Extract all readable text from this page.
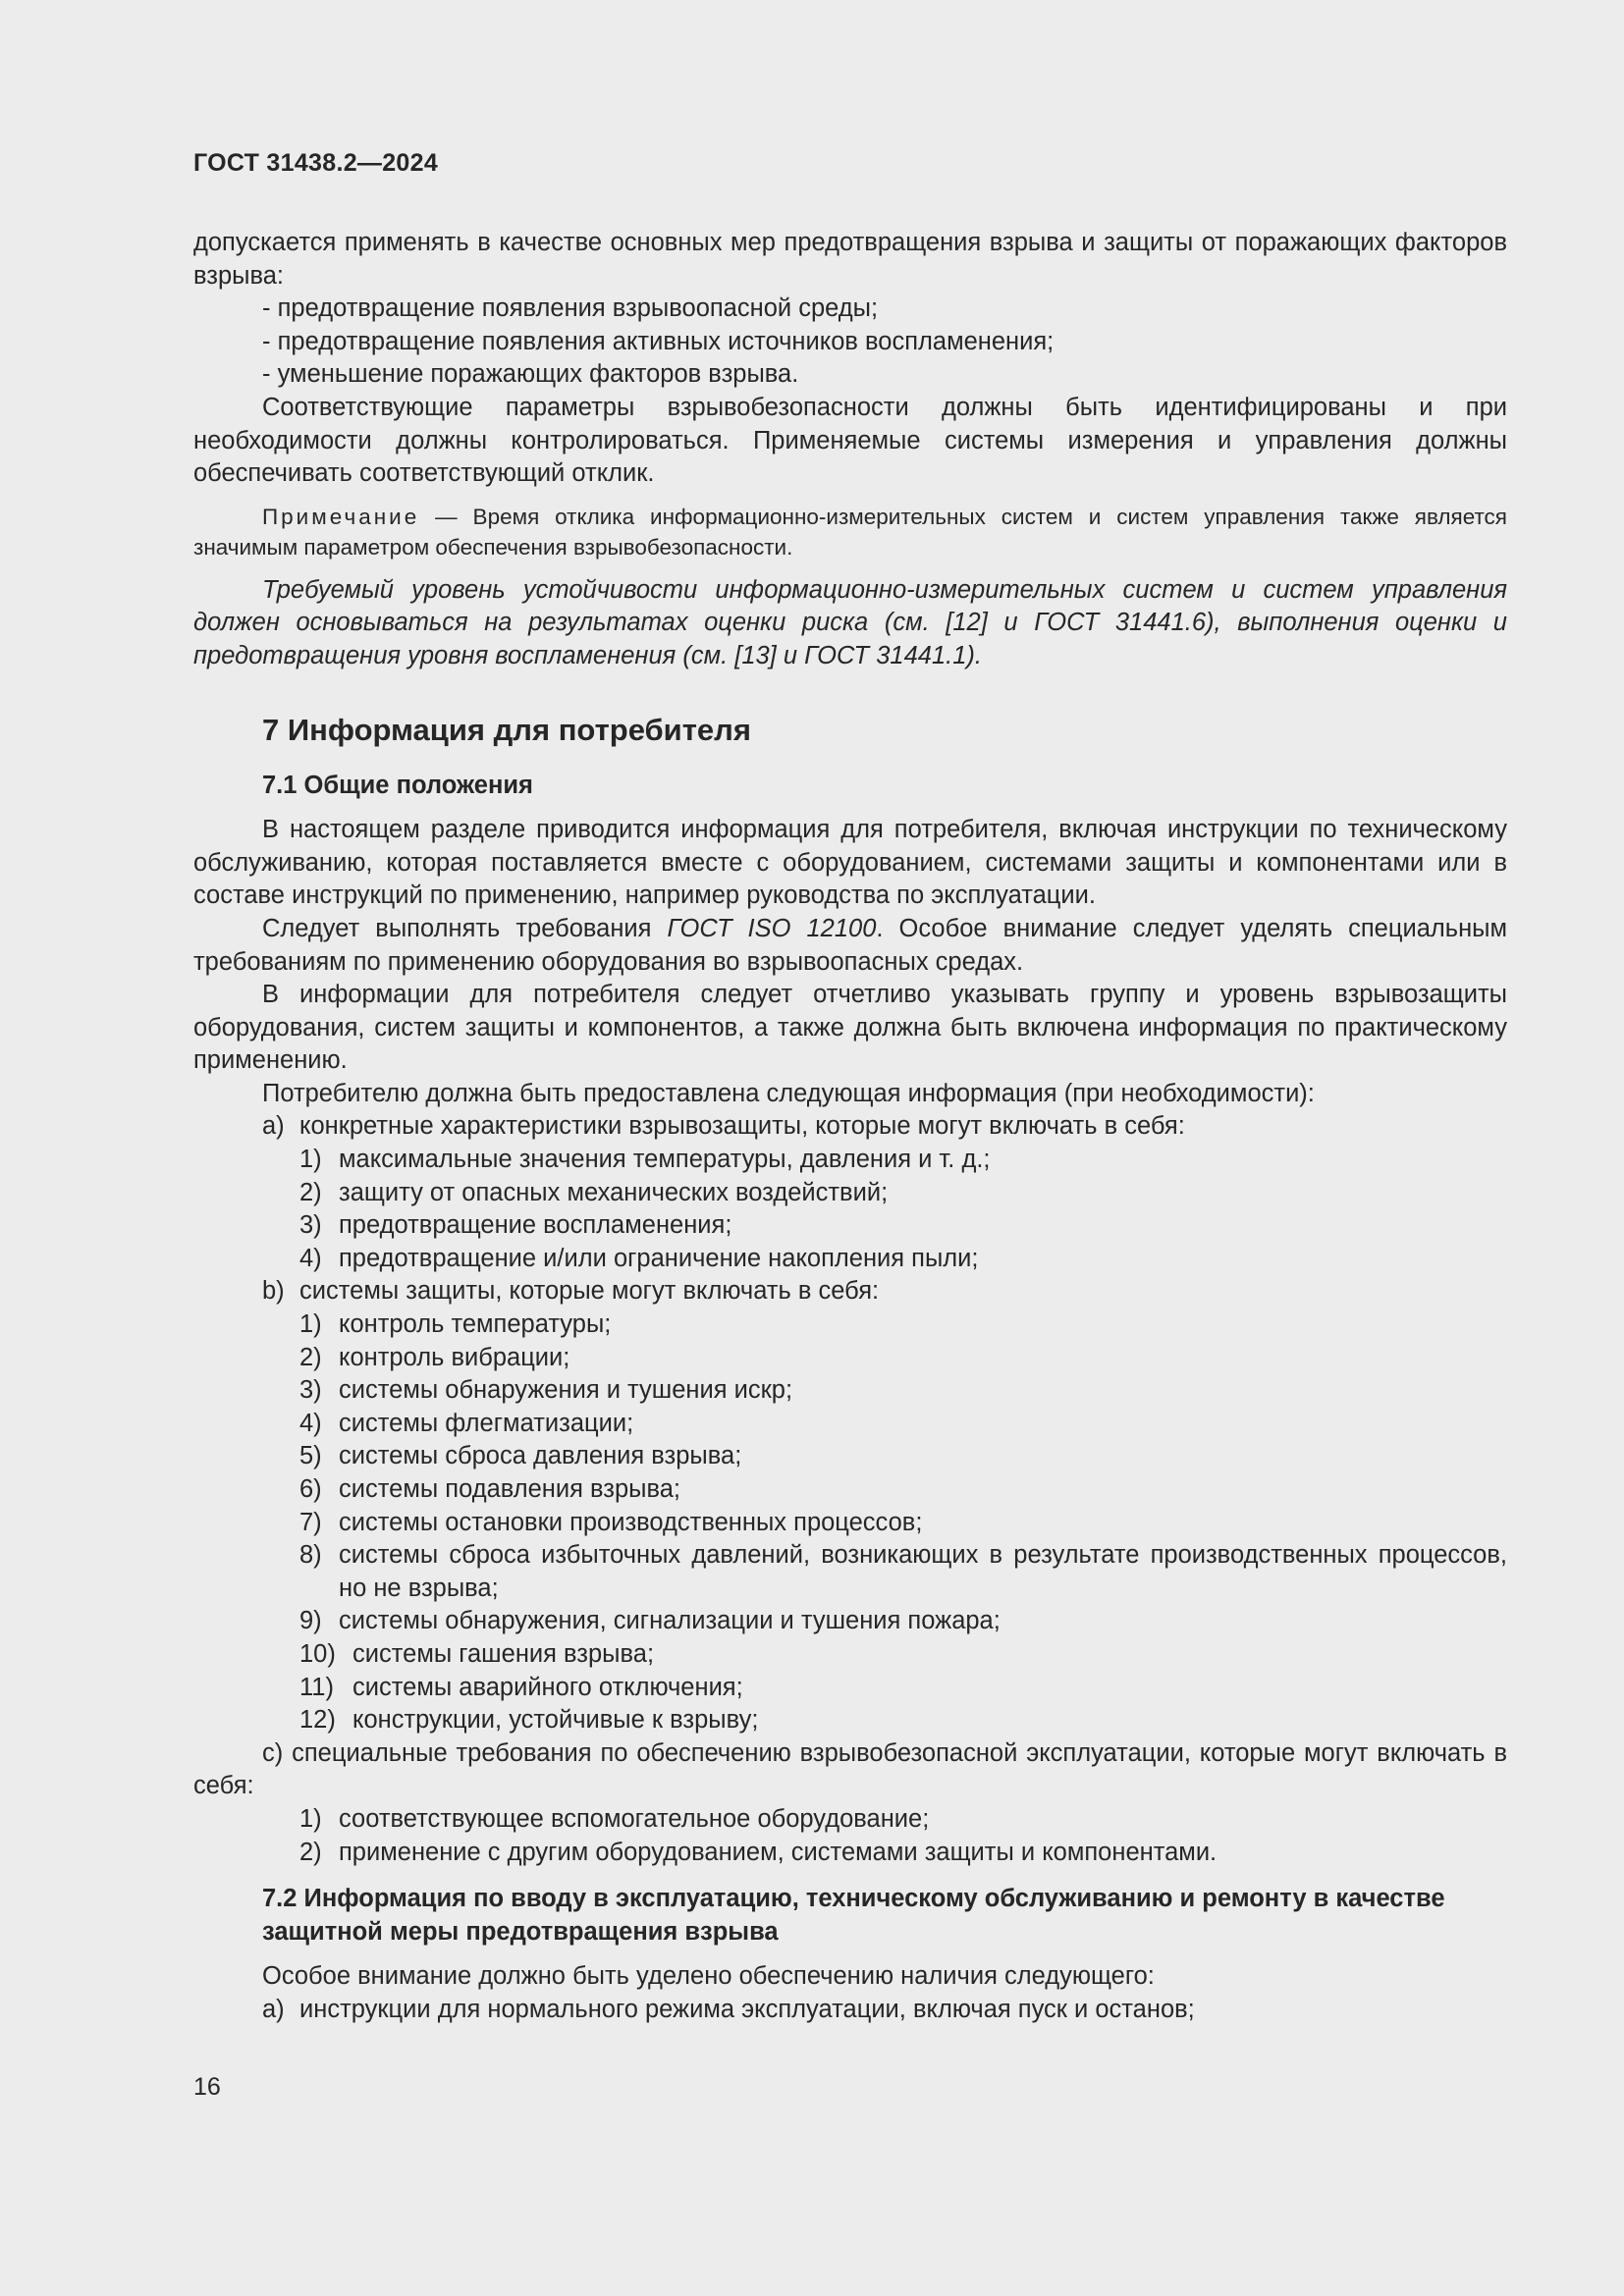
ГОСТ 31438.2—2024

допускается применять в качестве основных мер предотвращения взрыва и защиты от поражающих факторов взрыва:

- предотвращение появления взрывоопасной среды;

- предотвращение появления активных источников воспламенения;

- уменьшение поражающих факторов взрыва.

Соответствующие параметры взрывобезопасности должны быть идентифицированы и при необходимости должны контролироваться. Применяемые системы измерения и управления должны обеспечивать соответствующий отклик.

Примечание — Время отклика информационно-измерительных систем и систем управления также является значимым параметром обеспечения взрывобезопасности.

Требуемый уровень устойчивости информационно-измерительных систем и систем управления должен основываться на результатах оценки риска (см. [12] и ГОСТ 31441.6), выполнения оценки и предотвращения уровня воспламенения (см. [13] и ГОСТ 31441.1).

7 Информация для потребителя
7.1 Общие положения

В настоящем разделе приводится информация для потребителя, включая инструкции по техническому обслуживанию, которая поставляется вместе с оборудованием, системами защиты и компонентами или в составе инструкций по применению, например руководства по эксплуатации.

Следует выполнять требования ГОСТ ISO 12100. Особое внимание следует уделять специальным требованиям по применению оборудования во взрывоопасных средах.

В информации для потребителя следует отчетливо указывать группу и уровень взрывозащиты оборудования, систем защиты и компонентов, а также должна быть включена информация по практическому применению.

Потребителю должна быть предоставлена следующая информация (при необходимости):

a) конкретные характеристики взрывозащиты, которые могут включать в себя:

1) максимальные значения температуры, давления и т. д.;

2) защиту от опасных механических воздействий;

3) предотвращение воспламенения;

4) предотвращение и/или ограничение накопления пыли;

b) системы защиты, которые могут включать в себя:

1) контроль температуры;

2) контроль вибрации;

3) системы обнаружения и тушения искр;

4) системы флегматизации;

5) системы сброса давления взрыва;

6) системы подавления взрыва;

7) системы остановки производственных процессов;

8) системы сброса избыточных давлений, возникающих в результате производственных процессов, но не взрыва;

9) системы обнаружения, сигнализации и тушения пожара;

10) системы гашения взрыва;

11) системы аварийного отключения;

12) конструкции, устойчивые к взрыву;

c) специальные требования по обеспечению взрывобезопасной эксплуатации, которые могут включать в себя:

1) соответствующее вспомогательное оборудование;

2) применение с другим оборудованием, системами защиты и компонентами.

7.2 Информация по вводу в эксплуатацию, техническому обслуживанию и ремонту в качестве защитной меры предотвращения взрыва

Особое внимание должно быть уделено обеспечению наличия следующего:

a) инструкции для нормального режима эксплуатации, включая пуск и останов;

16
